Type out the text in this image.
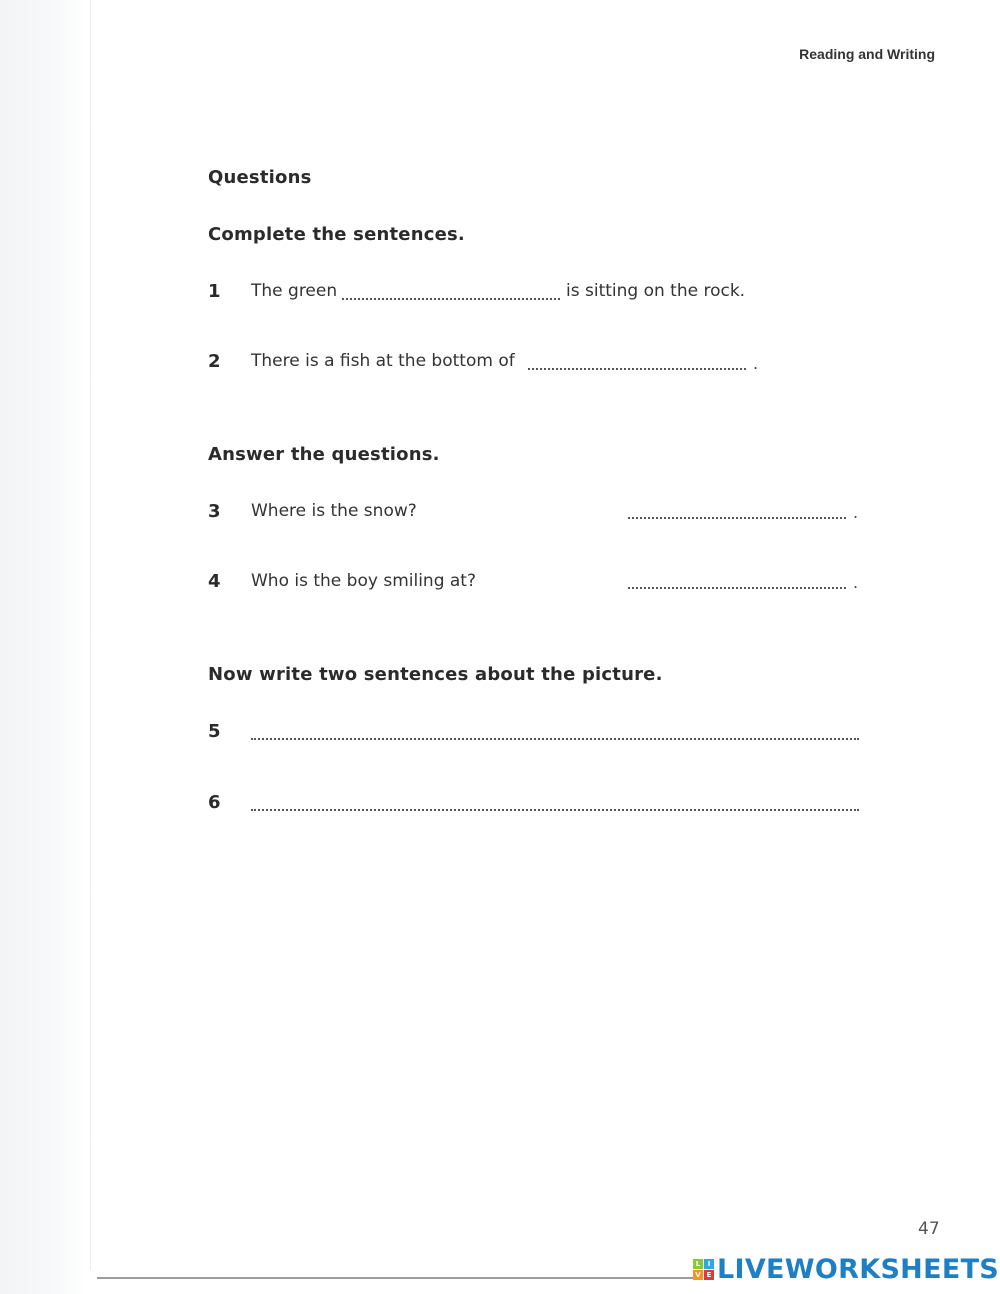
Reading and Writing
Questions
Complete the sentences.
1 The green	is sitting on the rock.
2 There is a fish at the bottom of	.
Answer the questions.
3 Where is the snow?	.
4 Who is the boy smiling at?	.
Now write two sentences about the picture.
5
6
47
L	I
V E LIVEWORKSHEETS
